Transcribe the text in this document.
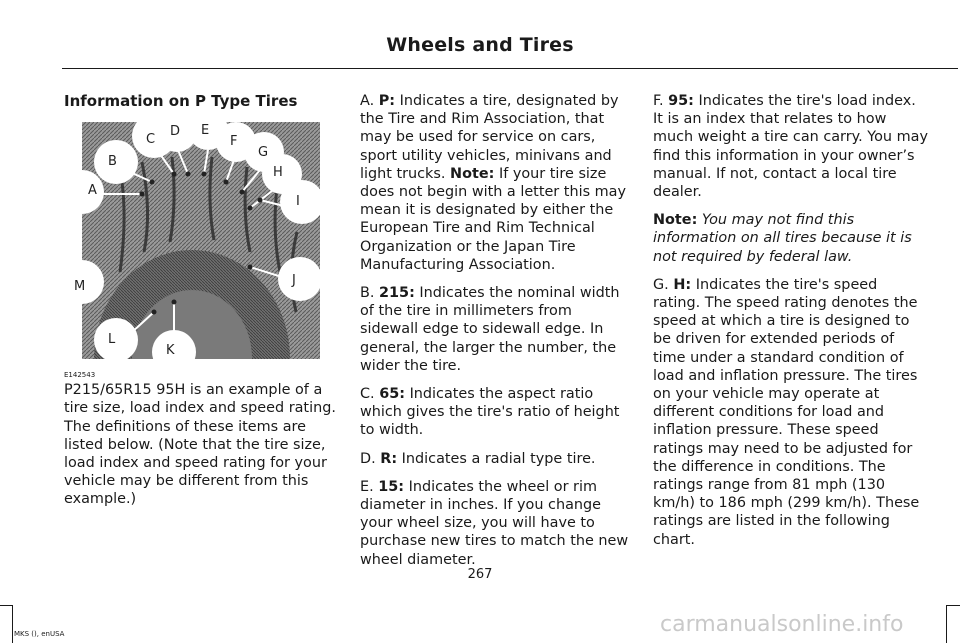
Wheels and Tires

Information on P Type Tires

A
B
C
D E
F
G
H
I
J
K
L
M
E142543

P215/65R15 95H is an example of a tire size, load index and speed rating. The definitions of these items are listed below. (Note that the tire size, load index and speed rating for your vehicle may be different from this example.)

A. P: Indicates a tire, designated by the Tire and Rim Association, that may be used for service on cars, sport utility vehicles, minivans and light trucks. Note: If your tire size does not begin with a letter this may mean it is designated by either the European Tire and Rim Technical Organization or the Japan Tire Manufacturing Association.

B. 215: Indicates the nominal width of the tire in millimeters from sidewall edge to sidewall edge. In general, the larger the number, the wider the tire.

C. 65: Indicates the aspect ratio which gives the tire's ratio of height to width.

D. R: Indicates a radial type tire.

E. 15: Indicates the wheel or rim diameter in inches. If you change your wheel size, you will have to purchase new tires to match the new wheel diameter.

F. 95: Indicates the tire's load index. It is an index that relates to how much weight a tire can carry. You may find this information in your owner’s manual. If not, contact a local tire dealer.

Note: You may not find this information on all tires because it is not required by federal law.

G. H: Indicates the tire's speed rating. The speed rating denotes the speed at which a tire is designed to be driven for extended periods of time under a standard condition of load and inflation pressure. The tires on your vehicle may operate at different conditions for load and inflation pressure. These speed ratings may need to be adjusted for the difference in conditions. The ratings range from 81 mph (130 km/h) to 186 mph (299 km/h). These ratings are listed in the following chart.

267
MKS (), enUSA	carmanualsonline.info
